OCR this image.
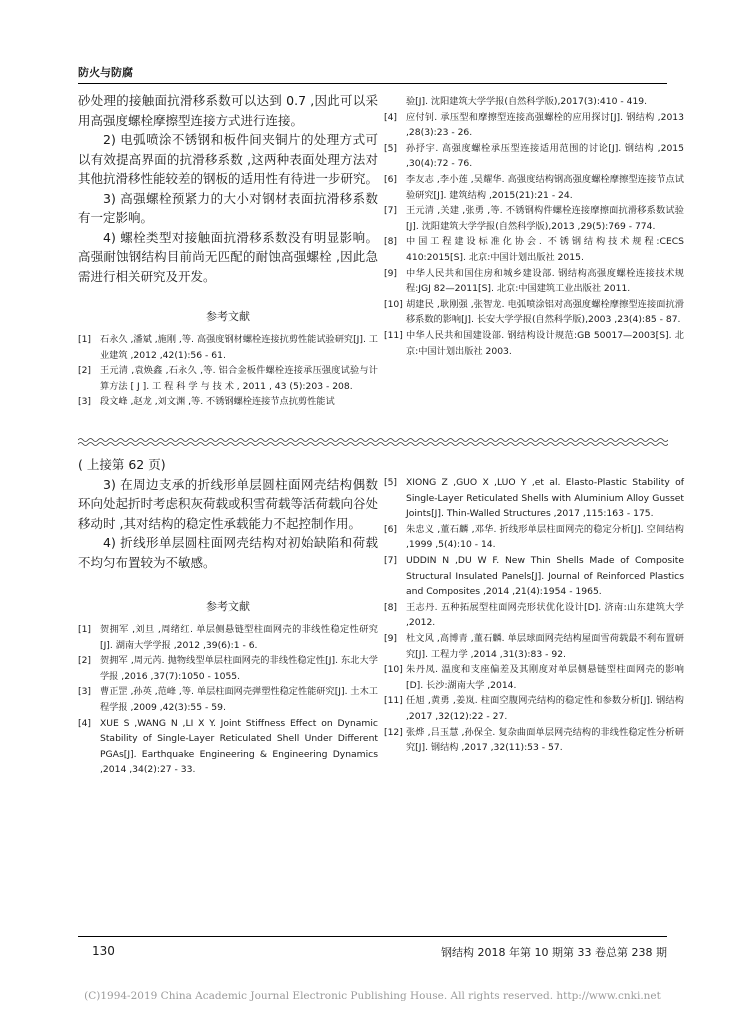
防火与防腐

砂处理的接触面抗滑移系数可以达到 0.7 ,因此可以采用高强度螺栓摩擦型连接方式进行连接。

2) 电弧喷涂不锈钢和板件间夹铜片的处理方式可以有效提高界面的抗滑移系数 ,这两种表面处理方法对其他抗滑移性能较差的钢板的适用性有待进一步研究。

3) 高强螺栓预紧力的大小对钢材表面抗滑移系数有一定影响。

4) 螺栓类型对接触面抗滑移系数没有明显影响。高强耐蚀钢结构目前尚无匹配的耐蚀高强螺栓 ,因此急需进行相关研究及开发。

参考文献
[1] 石永久 ,潘斌 ,施刚 ,等. 高强度钢材螺栓连接抗剪性能试验研究[J]. 工业建筑 ,2012 ,42(1):56 - 61.
[2] 王元清 ,袁焕鑫 ,石永久 ,等. 铝合金板件螺栓连接承压强度试验与计算方法 [ J ]. 工 程 科 学 与 技 术 , 2011 , 43 (5):203 - 208.
[3] 段文峰 ,赵龙 ,刘文渊 ,等. 不锈钢螺栓连接节点抗剪性能试
验[J]. 沈阳建筑大学学报(自然科学版),2017(3):410 - 419.
[4] 应付钊. 承压型和摩擦型连接高强螺栓的应用探讨[J]. 钢结构 ,2013 ,28(3):23 - 26.
[5] 孙抒宇. 高强度螺栓承压型连接适用范围的讨论[J]. 钢结构 ,2015 ,30(4):72 - 76.
[6] 李友志 ,李小莲 ,吴耀华. 高强度结构钢高强度螺栓摩擦型连接节点试验研究[J]. 建筑结构 ,2015(21):21 - 24.
[7] 王元清 ,关建 ,张勇 ,等. 不锈钢构件螺栓连接摩擦面抗滑移系数试验[J]. 沈阳建筑大学学报(自然科学版),2013 ,29(5):769 - 774.
[8] 中国工程建设标准化协会. 不锈钢结构技术规程:CECS 410:2015[S]. 北京:中国计划出版社 2015.
[9] 中华人民共和国住房和城乡建设部. 钢结构高强度螺栓连接技术规程:JGJ 82—2011[S]. 北京:中国建筑工业出版社 2011.
[10] 胡建民 ,耿刚强 ,张智龙. 电弧喷涂铝对高强度螺栓摩擦型连接面抗滑移系数的影响[J]. 长安大学学报(自然科学版),2003 ,23(4):85 - 87.
[11] 中华人民共和国建设部. 钢结构设计规范:GB 50017—2003[S]. 北京:中国计划出版社 2003.

( 上接第 62 页)

3) 在周边支承的折线形单层圆柱面网壳结构偶数环向处起折时考虑积灰荷载或积雪荷载等活荷载向谷处移动时 ,其对结构的稳定性承载能力不起控制作用。

4) 折线形单层圆柱面网壳结构对初始缺陷和荷载不均匀布置较为不敏感。

参考文献
[1] 贺拥军 ,刘旦 ,周绪红. 单层侧悬链型柱面网壳的非线性稳定性研究[J]. 湖南大学学报 ,2012 ,39(6):1 - 6.
[2] 贺拥军 ,周元芮. 抛物线型单层柱面网壳的非线性稳定性[J]. 东北大学学报 ,2016 ,37(7):1050 - 1055.
[3] 曹正罡 ,孙英 ,范峰 ,等. 单层柱面网壳弹塑性稳定性能研究[J]. 土木工程学报 ,2009 ,42(3):55 - 59.
[4] XUE S ,WANG N ,LI X Y. Joint Stiffness Effect on Dynamic Stability of Single-Layer Reticulated Shell Under Different PGAs[J]. Earthquake Engineering & Engineering Dynamics ,2014 ,34(2):27 - 33.
[5] XIONG Z ,GUO X ,LUO Y ,et al. Elasto-Plastic Stability of Single-Layer Reticulated Shells with Aluminium Alloy Gusset Joints[J]. Thin-Walled Structures ,2017 ,115:163 - 175.
[6] 朱忠义 ,董石麟 ,邓华. 折线形单层柱面网壳的稳定分析[J]. 空间结构 ,1999 ,5(4):10 - 14.
[7] UDDIN N ,DU W F. New Thin Shells Made of Composite Structural Insulated Panels[J]. Journal of Reinforced Plastics and Composites ,2014 ,21(4):1954 - 1965.
[8] 王志丹. 五种拓展型柱面网壳形状优化设计[D]. 济南:山东建筑大学 ,2012.
[9] 杜文风 ,高博青 ,董石麟. 单层球面网壳结构屋面雪荷载最不利布置研究[J]. 工程力学 ,2014 ,31(3):83 - 92.
[10] 朱丹凤. 温度和支座偏差及其刚度对单层侧悬链型柱面网壳的影响[D]. 长沙:湖南大学 ,2014.
[11] 任旭 ,黄勇 ,姜岚. 柱面空腹网壳结构的稳定性和参数分析[J]. 钢结构 ,2017 ,32(12):22 - 27.
[12] 张烨 ,吕玉慧 ,孙保全. 复杂曲面单层网壳结构的非线性稳定性分析研究[J]. 钢结构 ,2017 ,32(11):53 - 57.
130	钢结构 2018 年第 10 期第 33 卷总第 238 期
(C)1994-2019 China Academic Journal Electronic Publishing House. All rights reserved. http://www.cnki.net
